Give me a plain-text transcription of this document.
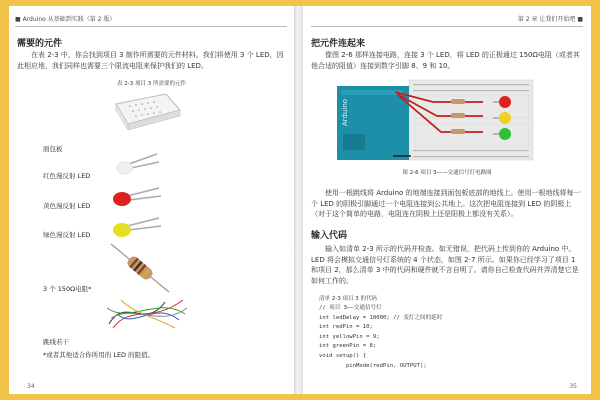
■ Arduino 从基础到实践（第 2 版）
需要的元件

在表 2-3 中，你会找到项目 3 制作所需要的元件材料。我们将使用 3 个 LED，因此相应地，我们同样也需要三个限流电阻来保护我们的 LED。

表 2-3 项目 3 所需要的元件
面包板
红色漫反射 LED
黄色漫反射 LED
绿色漫反射 LED
3 个 150Ω电阻*
跳线若干
*或者其他适合你所用的 LED 的阻值。
34
第 2 章 让我们开始吧 ■
把元件连起来

像图 2-6 那样连接电路，连接 3 个 LED，将 LED 的正极通过 150Ω电阻（或者其他合适的阻值）连接到数字引脚 8、9 和 10。

Arduino
图 2-6 项目 3——交通信号灯电路图

使用一根跳线将 Arduino 的地端连接到面包板底部的地线上。使用一根地线将每一个 LED 的阴极引脚通过一个电阻连接到公共地上。这次把电阻连接到 LED 的阴极上（对于这个简单的电路，电阻连在阴极上还是阳极上都没有关系）。

输入代码

输入如清单 2-3 所示的代码并检查。如无错误，把代码上传到你的 Arduino 中。LED 将会模拟交通信号灯系统的 4 个状态，如图 2-7 所示。如果你已经学习了项目 1 和项目 2，那么清单 3 中的代码和硬件就不言自明了。请你自己检查代码并弄清楚它是如何工作的。

清单 2-3 项目 3 的代码
// 项目 3——交通信号灯
int ledDelay = 10000; // 变灯之间的延时
int redPin = 10;
int yellowPin = 9;
int greenPin = 8;
void setup() {
pinMode(redPin, OUTPUT);
35
